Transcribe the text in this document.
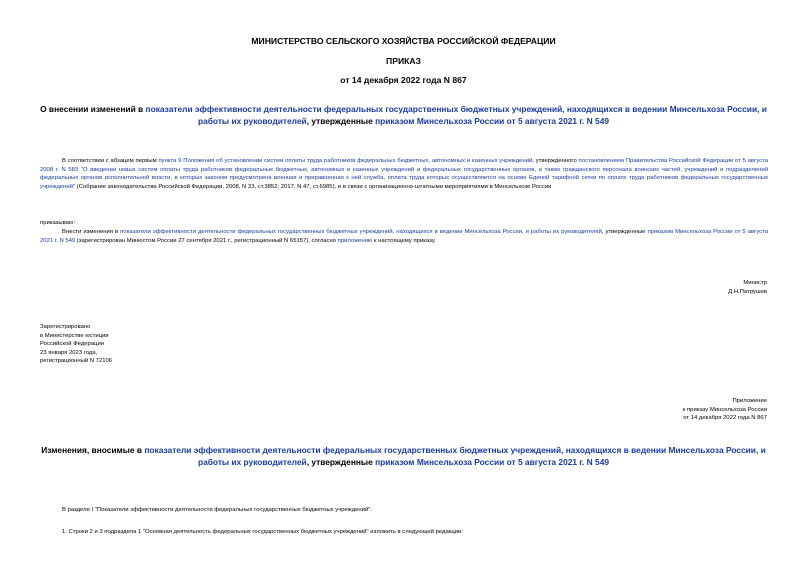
МИНИСТЕРСТВО СЕЛЬСКОГО ХОЗЯЙСТВА РОССИЙСКОЙ ФЕДЕРАЦИИ
ПРИКАЗ
от 14 декабря 2022 года N 867
О внесении изменений в показатели эффективности деятельности федеральных государственных бюджетных учреждений, находящихся в ведении Минсельхоза России, и работы их руководителей, утвержденные приказом Минсельхоза России от 5 августа 2021 г. N 549
В соответствии с абзацем первым пункта 9 Положения об установлении систем оплаты труда работников федеральных бюджетных, автономных и казенных учреждений, утвержденного постановлением Правительства Российской Федерации от 5 августа 2008 г. N 583 "О введении новых систем оплаты труда работников федеральных бюджетных, автономных и казенных учреждений и федеральных государственных органов, а также гражданского персонала воинских частей, учреждений и подразделений федеральных органов исполнительной власти, в которых законом предусмотрена военная и приравненная к ней служба, оплата труда которых осуществляется на основе Единой тарифной сетки по оплате труда работников федеральных государственных учреждений" (Собрание законодательства Российской Федерации, 2008, N 33, ст.3852; 2017, N 47, ст.6985), и в связи с организационно-штатными мероприятиями в Минсельхозе России
приказываю:
Внести изменения в показатели эффективности деятельности федеральных государственных бюджетных учреждений, находящихся в ведении Минсельхоза России, и работы их руководителей, утвержденные приказом Минсельхоза России от 5 августа 2021 г. N 549 (зарегистрирован Минюстом России 27 сентября 2021 г., регистрационный N 65157), согласно приложению к настоящему приказу.
Министр
Д.Н.Патрушев
Зарегистрировано
в Министерстве юстиции
Российской Федерации
23 января 2023 года,
регистрационный N 72106
Приложение
к приказу Минсельхоза России
от 14 декабря 2022 года N 867
Изменения, вносимые в показатели эффективности деятельности федеральных государственных бюджетных учреждений, находящихся в ведении Минсельхоза России, и работы их руководителей, утвержденные приказом Минсельхоза России от 5 августа 2021 г. N 549
В разделе I "Показатели эффективности деятельности федеральных государственных бюджетных учреждений":
1. Строки 2 и 3 подраздела 1 "Основная деятельность федеральных государственных бюджетных учреждений" изложить в следующей редакции:
